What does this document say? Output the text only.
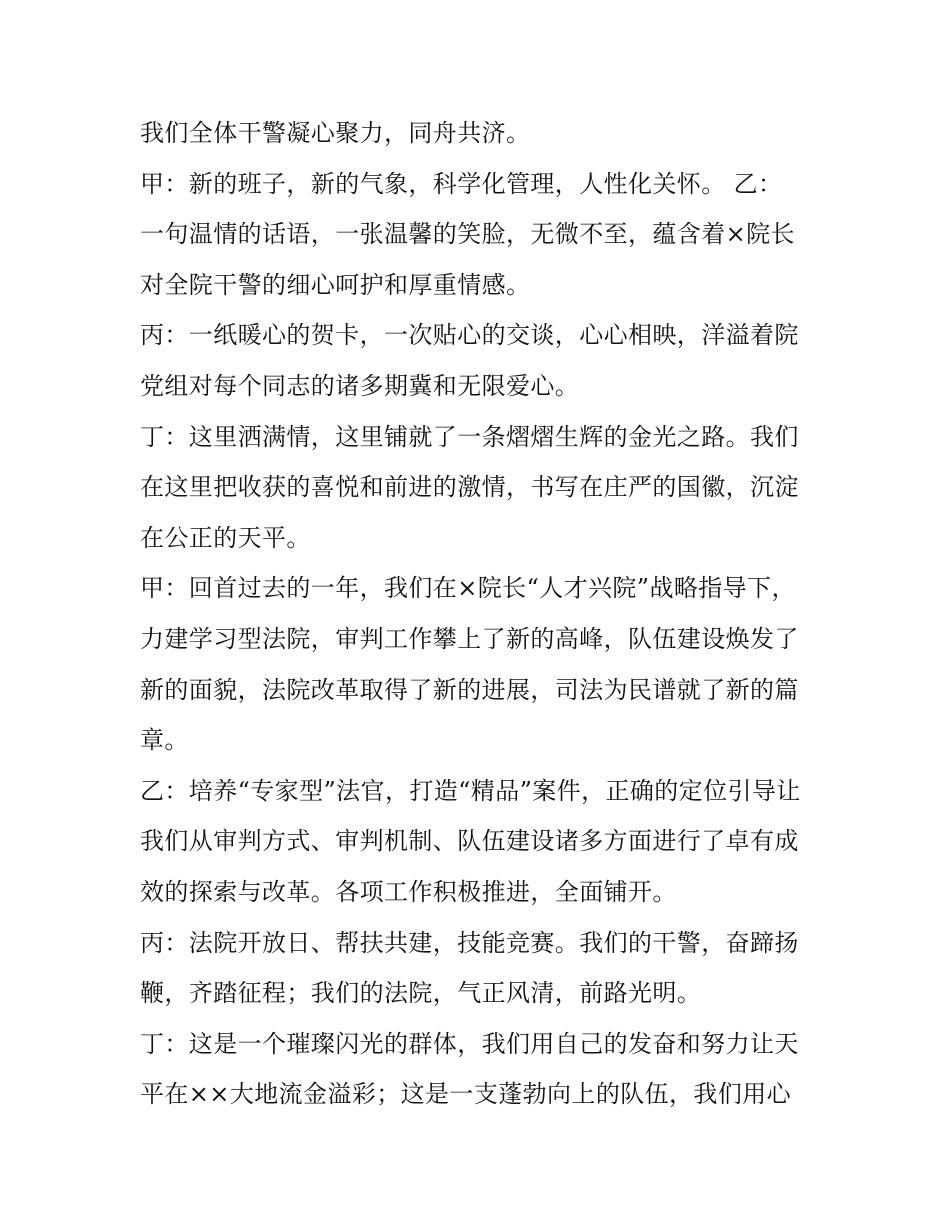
我们全体干警凝心聚力，同舟共济。
甲：新的班子，新的气象，科学化管理，人性化关怀。 乙：
一句温情的话语，一张温馨的笑脸，无微不至，蕴含着×院长
对全院干警的细心呵护和厚重情感。
丙：一纸暖心的贺卡，一次贴心的交谈，心心相映，洋溢着院
党组对每个同志的诸多期冀和无限爱心。
丁：这里洒满情，这里铺就了一条熠熠生辉的金光之路。我们
在这里把收获的喜悦和前进的激情，书写在庄严的国徽，沉淀
在公正的天平。
甲：回首过去的一年，我们在×院长“人才兴院”战略指导下，
力建学习型法院，审判工作攀上了新的高峰，队伍建设焕发了
新的面貌，法院改革取得了新的进展，司法为民谱就了新的篇
章。
乙：培养“专家型”法官，打造“精品”案件，正确的定位引导让
我们从审判方式、审判机制、队伍建设诸多方面进行了卓有成
效的探索与改革。各项工作积极推进，全面铺开。
丙：法院开放日、帮扶共建，技能竞赛。我们的干警，奋蹄扬
鞭，齐踏征程；我们的法院，气正风清，前路光明。
丁：这是一个璀璨闪光的群体，我们用自己的发奋和努力让天
平在××大地流金溢彩；这是一支蓬勃向上的队伍，我们用心
